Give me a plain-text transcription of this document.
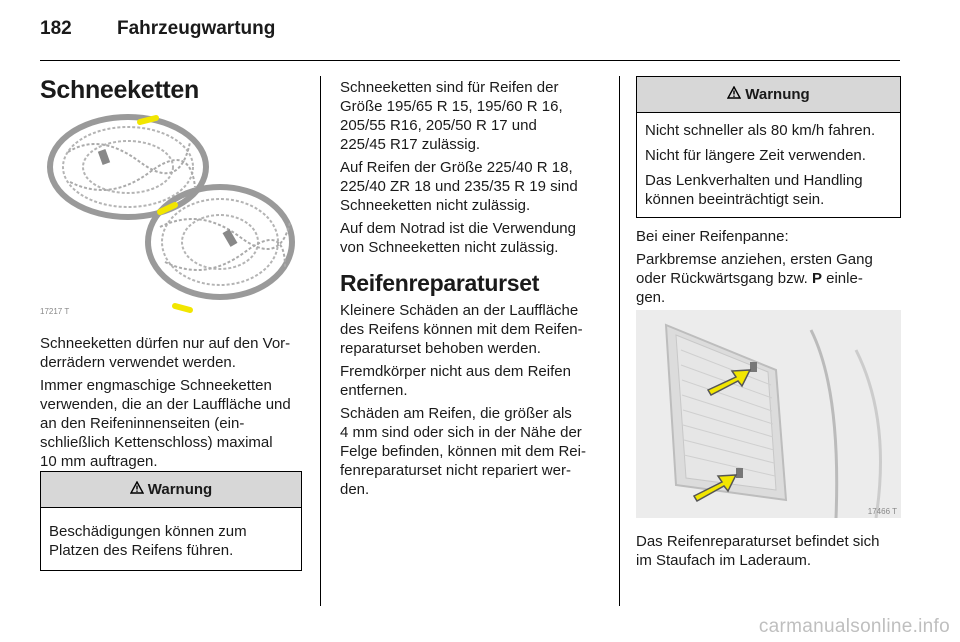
182 Fahrzeugwartung
Schneeketten
17217 T

Schneeketten dürfen nur auf den Vor-
derrädern verwendet werden.

Immer engmaschige Schneeketten
verwenden, die an der Lauffläche und
an den Reifeninnenseiten (ein-
schließlich Kettenschloss) maximal
10 mm auftragen.

Warnung
Beschädigungen können zum
Platzen des Reifens führen.

Schneeketten sind für Reifen der
Größe 195/65 R 15, 195/60 R 16,
205/55 R16, 205/50 R 17 und
225/45 R17 zulässig.

Auf Reifen der Größe 225/40 R 18,
225/40 ZR 18 und 235/35 R 19 sind
Schneeketten nicht zulässig.

Auf dem Notrad ist die Verwendung
von Schneeketten nicht zulässig.

Reifenreparaturset

Kleinere Schäden an der Lauffläche
des Reifens können mit dem Reifen-
reparaturset behoben werden.

Fremdkörper nicht aus dem Reifen
entfernen.

Schäden am Reifen, die größer als
4 mm sind oder sich in der Nähe der
Felge befinden, können mit dem Rei-
fenreparaturset nicht repariert wer-
den.

Warnung

Nicht schneller als 80 km/h fahren.

Nicht für längere Zeit verwenden.

Das Lenkverhalten und Handling
können beeinträchtigt sein.

Bei einer Reifenpanne:

Parkbremse anziehen, ersten Gang
oder Rückwärtsgang bzw. P einle-
gen.

17466 T

Das Reifenreparaturset befindet sich
im Staufach im Laderaum.

carmanualsonline.info
